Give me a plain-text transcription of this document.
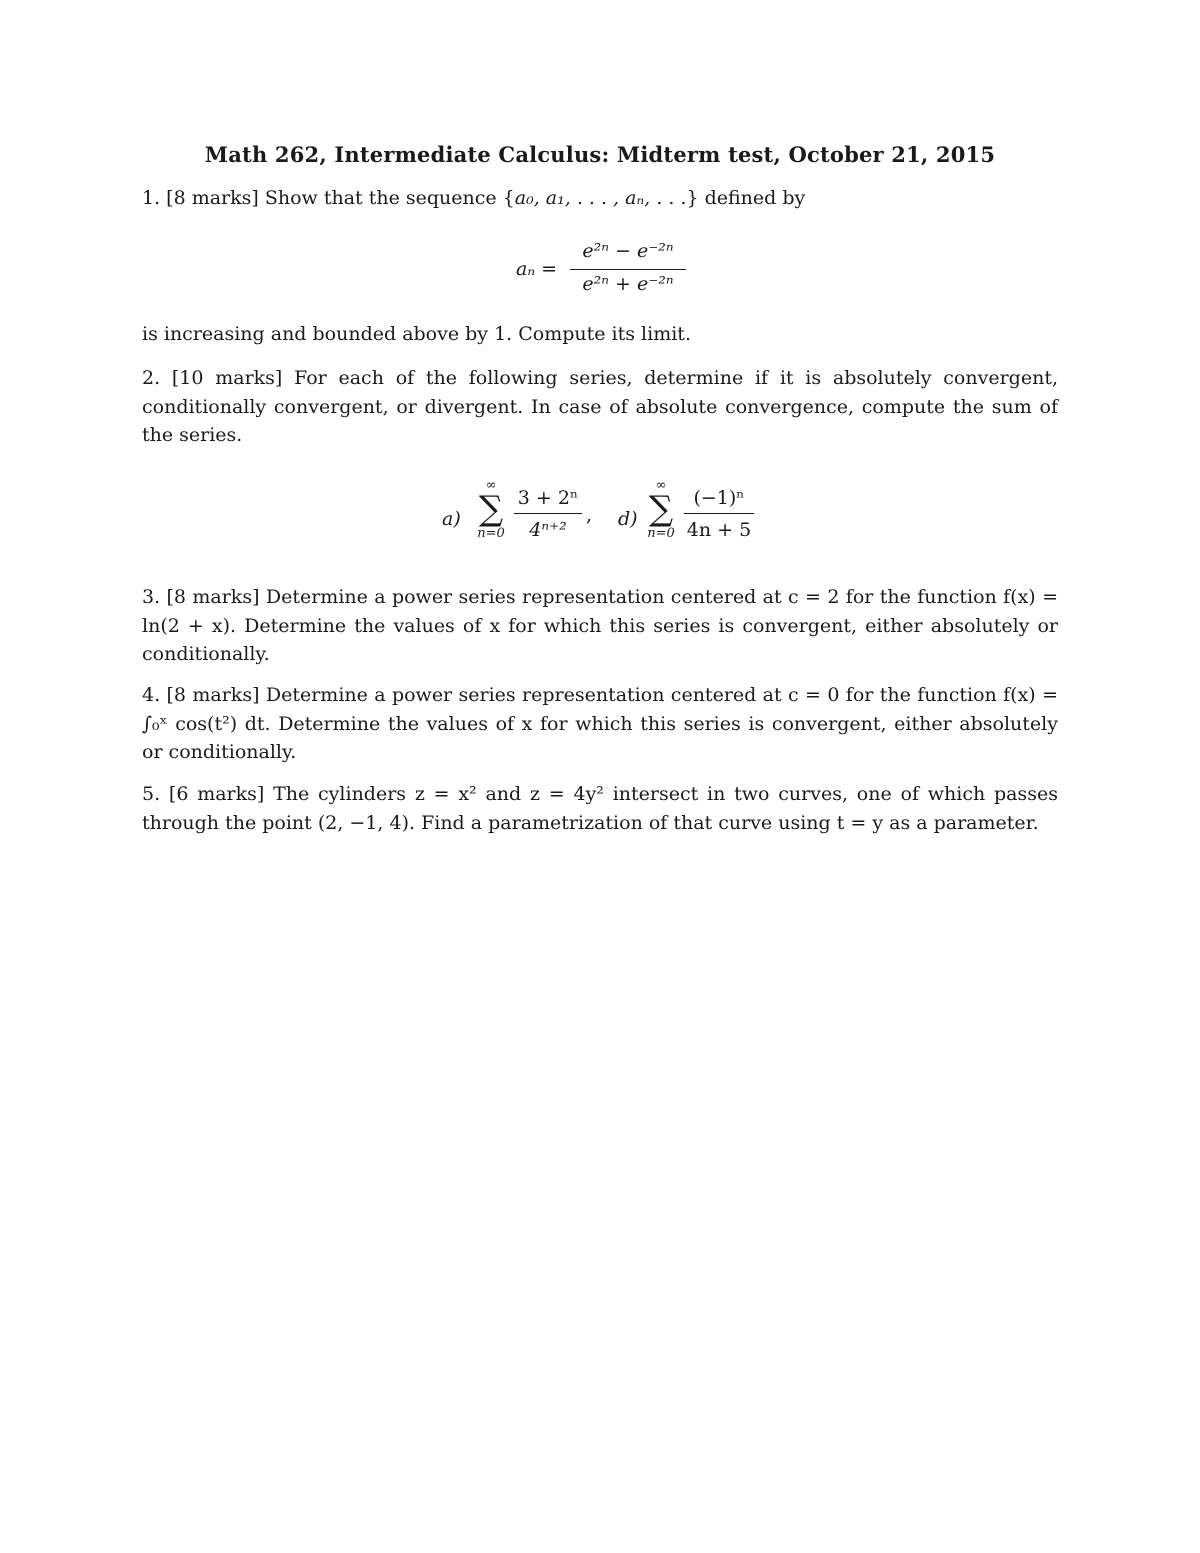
Math 262, Intermediate Calculus: Midterm test, October 21, 2015
1. [8 marks] Show that the sequence {a₀, a₁, . . . , aₙ, . . .} defined by
aₙ =
e²ⁿ − e⁻²ⁿ
e²ⁿ + e⁻²ⁿ
is increasing and bounded above by 1. Compute its limit.
2. [10 marks] For each of the following series, determine if it is absolutely convergent, conditionally convergent, or divergent. In case of absolute convergence, compute the sum of the series.
a)
∞
∑
n=0
3 + 2ⁿ
4ⁿ⁺²
, d)
∞
∑
n=0
(−1)ⁿ
4n + 5
3. [8 marks] Determine a power series representation centered at c = 2 for the function f(x) = ln(2 + x). Determine the values of x for which this series is convergent, either absolutely or conditionally.
4. [8 marks] Determine a power series representation centered at c = 0 for the function f(x) = ∫₀ˣ cos(t²) dt. Determine the values of x for which this series is convergent, either absolutely or conditionally.
5. [6 marks] The cylinders z = x² and z = 4y² intersect in two curves, one of which passes through the point (2, −1, 4). Find a parametrization of that curve using t = y as a parameter.
